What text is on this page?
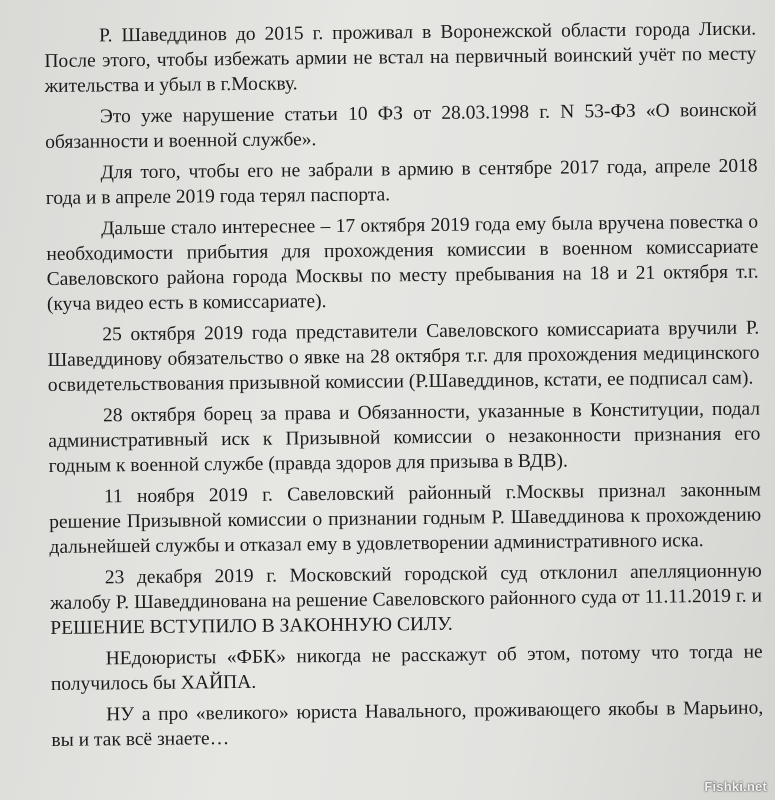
Р. Шаведдинов до 2015 г. проживал в Воронежской области города Лиски. После этого, чтобы избежать армии не встал на первичный воинский учёт по месту жительства и убыл в г.Москву.

Это уже нарушение статьи 10 ФЗ от 28.03.1998 г. N 53-ФЗ «О воинской обязанности и военной службе».

Для того, чтобы его не забрали в армию в сентябре 2017 года, апреле 2018 года и в апреле 2019 года терял паспорта.

Дальше стало интереснее – 17 октября 2019 года ему была вручена повестка о необходимости прибытия для прохождения комиссии в военном комиссариате Савеловского района города Москвы по месту пребывания на 18 и 21 октября т.г. (куча видео есть в комиссариате).

25 октября 2019 года представители Савеловского комиссариата вручили Р. Шаведдинову обязательство о явке на 28 октября т.г. для прохождения медицинского освидетельствования призывной комиссии (Р.Шаведдинов, кстати, ее подписал сам).

28 октября борец за права и Обязанности, указанные в Конституции, подал административный иск к Призывной комиссии о незаконности признания его годным к военной службе (правда здоров для призыва в ВДВ).

11 ноября 2019 г. Савеловский районный г.Москвы признал законным решение Призывной комиссии о признании годным Р. Шаведдинова к прохождению дальнейшей службы и отказал ему в удовлетворении административного иска.

23 декабря 2019 г. Московский городской суд отклонил апелляционную жалобу Р. Шаведдинована на решение Савеловского районного суда от 11.11.2019 г. и РЕШЕНИЕ ВСТУПИЛО В ЗАКОННУЮ СИЛУ.

НЕдоюристы «ФБК» никогда не расскажут об этом, потому что тогда не получилось бы ХАЙПА.

НУ а про «великого» юриста Навального, проживающего якобы в Марьино, вы и так всё знаете…

Fishki.net
